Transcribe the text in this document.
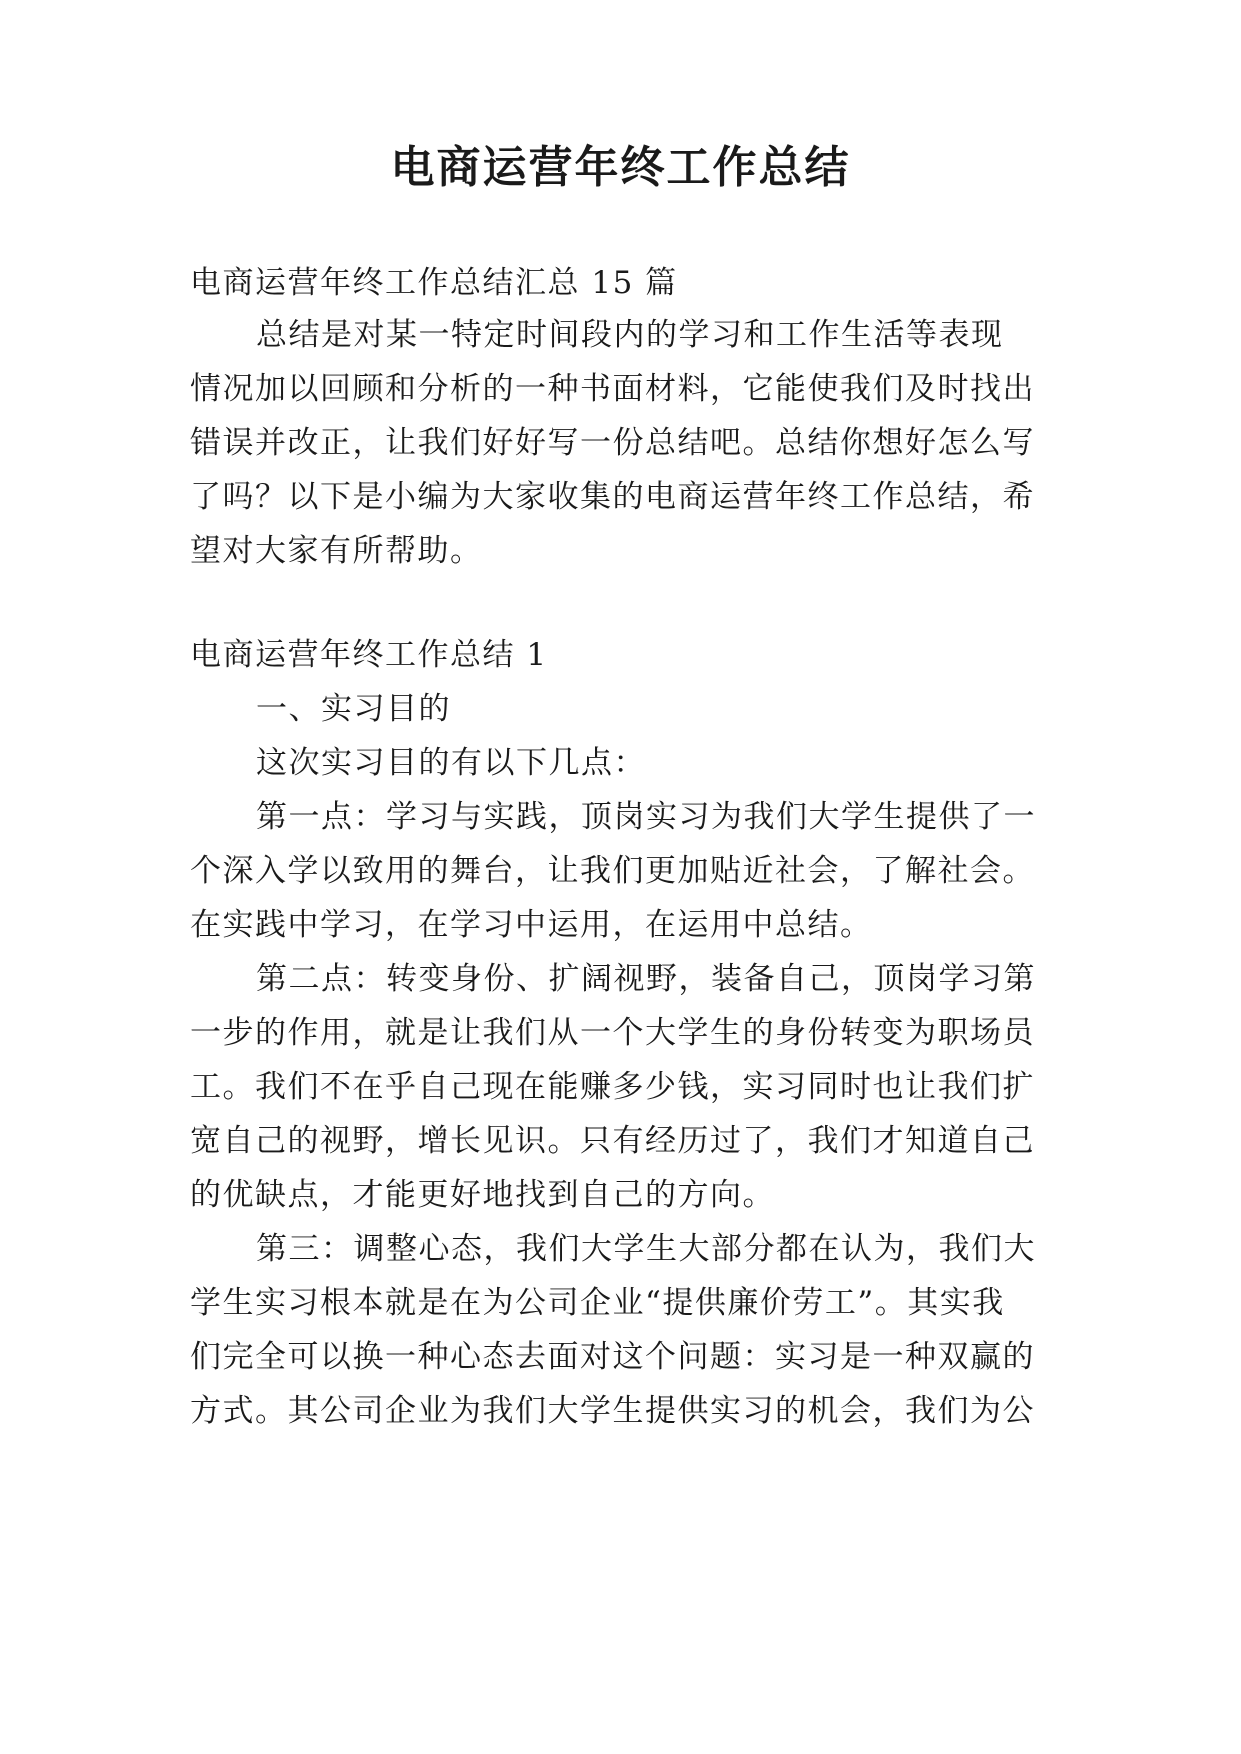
电商运营年终工作总结
电商运营年终工作总结汇总 15 篇
总结是对某一特定时间段内的学习和工作生活等表现
情况加以回顾和分析的一种书面材料，它能使我们及时找出
错误并改正，让我们好好写一份总结吧。总结你想好怎么写
了吗？以下是小编为大家收集的电商运营年终工作总结，希
望对大家有所帮助。
电商运营年终工作总结 1
一、实习目的
这次实习目的有以下几点：
第一点：学习与实践，顶岗实习为我们大学生提供了一
个深入学以致用的舞台，让我们更加贴近社会，了解社会。
在实践中学习，在学习中运用，在运用中总结。
第二点：转变身份、扩阔视野，装备自己，顶岗学习第
一步的作用，就是让我们从一个大学生的身份转变为职场员
工。我们不在乎自己现在能赚多少钱，实习同时也让我们扩
宽自己的视野，增长见识。只有经历过了，我们才知道自己
的优缺点，才能更好地找到自己的方向。
第三：调整心态，我们大学生大部分都在认为，我们大
学生实习根本就是在为公司企业“提供廉价劳工”。其实我
们完全可以换一种心态去面对这个问题：实习是一种双赢的
方式。其公司企业为我们大学生提供实习的机会，我们为公
